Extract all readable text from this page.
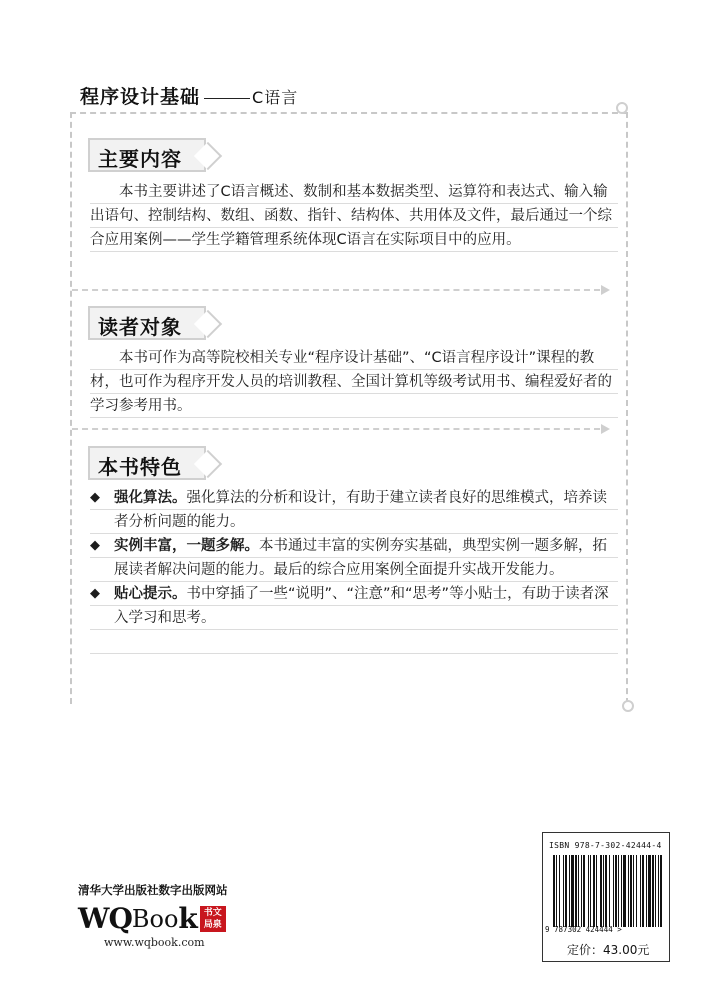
程序设计基础	C语言
主要内容

本书主要讲述了C语言概述、数制和基本数据类型、运算符和表达式、输入输出语句、控制结构、数组、函数、指针、结构体、共用体及文件，最后通过一个综合应用案例——学生学籍管理系统体现C语言在实际项目中的应用。

读者对象

本书可作为高等院校相关专业“程序设计基础”、“C语言程序设计”课程的教材，也可作为程序开发人员的培训教程、全国计算机等级考试用书、编程爱好者的学习参考用书。

本书特色
◆ 强化算法。强化算法的分析和设计，有助于建立读者良好的思维模式，培养读者分析问题的能力。
◆ 实例丰富，一题多解。本书通过丰富的实例夯实基础，典型实例一题多解，拓展读者解决问题的能力。最后的综合应用案例全面提升实战开发能力。
◆ 贴心提示。书中穿插了一些“说明”、“注意”和“思考”等小贴士，有助于读者深入学习和思考。
清华大学出版社数字出版网站
WQ Bo o k 书文局泉
www.wqbook.com
ISBN 978-7-302-42444-4
9 787302 424444 >
定价：43.00元
